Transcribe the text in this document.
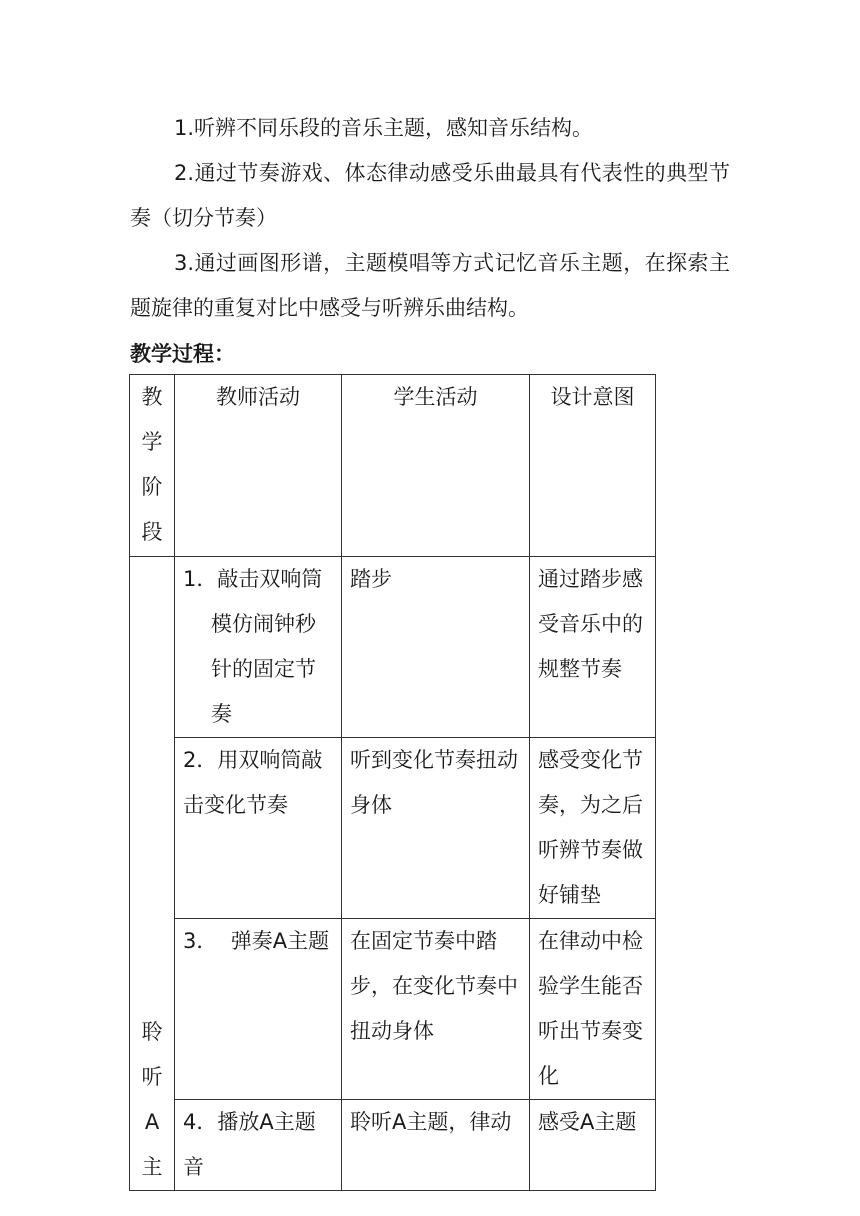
1.听辨不同乐段的音乐主题，感知音乐结构。

2.通过节奏游戏、体态律动感受乐曲最具有代表性的典型节奏（切分节奏）

3.通过画图形谱，主题模唱等方式记忆音乐主题，在探索主题旋律的重复对比中感受与听辨乐曲结构。

教学过程：

教
学
阶
段	教师活动	学生活动	设计意图

聆
听
A主	1．敲击双响筒模仿闹钟秒针的固定节奏	踏步	通过踏步感受音乐中的规整节奏
	2．用双响筒敲击变化节奏	听到变化节奏扭动身体	感受变化节奏，为之后听辨节奏做好铺垫
	3．  弹奏A主题	在固定节奏中踏步，在变化节奏中扭动身体	在律动中检验学生能否听出节奏变化
	4．播放A主题音	聆听A主题，律动	感受A主题
